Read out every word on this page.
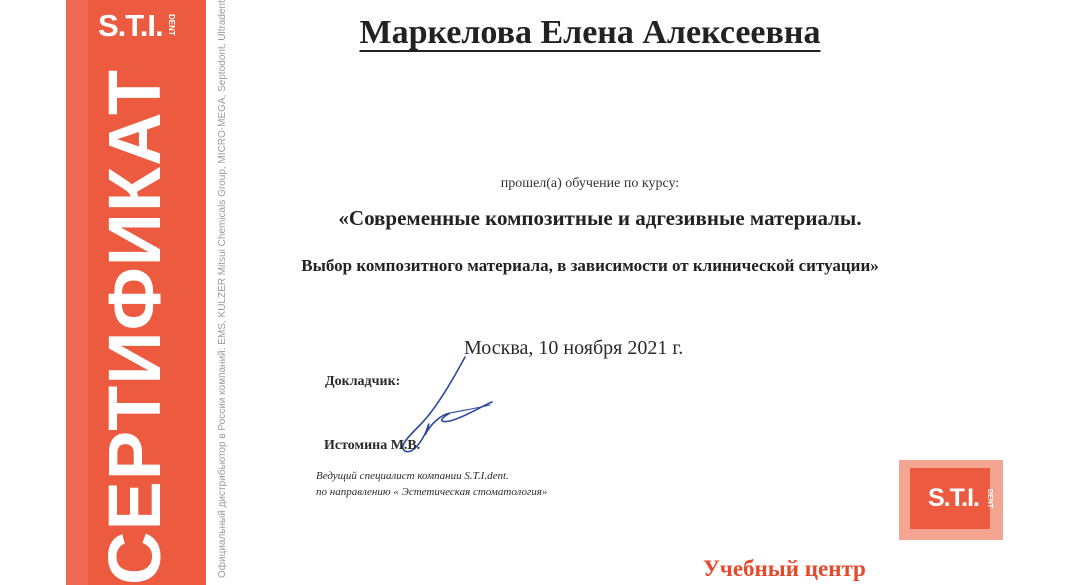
S.T.I. DENT
СЕРТИФИКАТ	Официальный дистрибьютор в России компаний: EMS, KULZER Mitsui Chemicals Group, MICRO-MEGA, Septodont, Ultradent	Маркелова Елена Алексеевна
прошел(а) обучение по курсу:
«Современные композитные и адгезивные материалы.
Выбор композитного материала, в зависимости от клинической ситуации»
Москва, 10 ноября 2021 г.
Докладчик:
Истомина М.В.
Ведущий специалист компании S.T.I.dent.
по направлению « Эстетическая стоматология»	S.T.I. DENT
Учебный центр
